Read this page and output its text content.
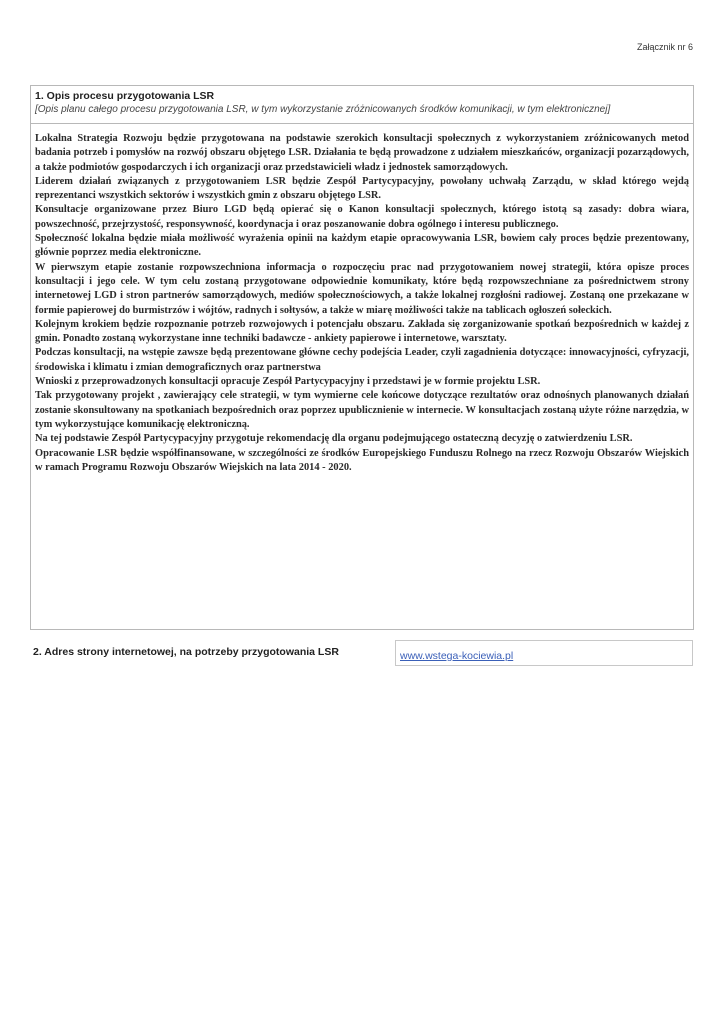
Załącznik nr 6

1. Opis procesu przygotowania LSR

[Opis planu całego procesu przygotowania LSR, w tym wykorzystanie zróżnicowanych środków komunikacji, w tym elektronicznej]

Lokalna Strategia Rozwoju będzie przygotowana na podstawie szerokich konsultacji społecznych z wykorzystaniem zróżnicowanych metod badania potrzeb i pomysłów na rozwój obszaru objętego LSR. Działania te będą prowadzone z udziałem mieszkańców, organizacji pozarządowych, a także podmiotów gospodarczych i ich organizacji oraz przedstawicieli władz i jednostek samorządowych.

Liderem działań związanych z przygotowaniem LSR będzie Zespół Partycypacyjny, powołany uchwałą Zarządu, w skład którego wejdą reprezentanci wszystkich sektorów i wszystkich gmin z obszaru objętego LSR.

Konsultacje organizowane przez Biuro LGD będą opierać się o Kanon konsultacji społecznych, którego istotą są zasady: dobra wiara, powszechność, przejrzystość, responsywność, koordynacja i oraz poszanowanie dobra ogólnego i interesu publicznego.

Społeczność lokalna będzie miała możliwość wyrażenia opinii na każdym etapie opracowywania LSR, bowiem cały proces będzie prezentowany, głównie poprzez media elektroniczne.

W pierwszym etapie zostanie rozpowszechniona informacja o rozpoczęciu prac nad przygotowaniem nowej strategii, która opisze proces konsultacji i jego cele. W tym celu zostaną przygotowane odpowiednie komunikaty, które będą rozpowszechniane za pośrednictwem strony internetowej LGD i stron partnerów samorządowych, mediów społecznościowych, a także lokalnej rozgłośni radiowej. Zostaną one przekazane w formie papierowej do burmistrzów i wójtów, radnych i sołtysów, a także w miarę możliwości także na tablicach ogłoszeń sołeckich.

Kolejnym krokiem będzie rozpoznanie potrzeb rozwojowych i potencjału obszaru. Zakłada się zorganizowanie spotkań bezpośrednich w każdej z gmin. Ponadto zostaną wykorzystane inne techniki badawcze - ankiety papierowe i internetowe, warsztaty.

Podczas konsultacji, na wstępie zawsze będą prezentowane główne cechy podejścia Leader, czyli zagadnienia dotyczące: innowacyjności, cyfryzacji, środowiska i klimatu i zmian demograficznych oraz partnerstwa

Wnioski z przeprowadzonych konsultacji opracuje Zespół Partycypacyjny i przedstawi je w formie projektu LSR.

Tak przygotowany projekt , zawierający cele strategii, w tym wymierne cele końcowe dotyczące rezultatów oraz odnośnych planowanych działań zostanie skonsultowany na spotkaniach bezpośrednich oraz poprzez upublicznienie w internecie. W konsultacjach zostaną użyte różne narzędzia, w tym wykorzystujące komunikację elektroniczną.

Na tej podstawie Zespół Partycypacyjny przygotuje rekomendację dla organu podejmującego ostateczną decyzję o zatwierdzeniu LSR.

Opracowanie LSR będzie współfinansowane, w szczególności ze środków Europejskiego Funduszu Rolnego na rzecz Rozwoju Obszarów Wiejskich w ramach Programu Rozwoju Obszarów Wiejskich na lata 2014 - 2020.

2. Adres strony internetowej, na potrzeby przygotowania LSR	www.wstega-kociewia.pl
